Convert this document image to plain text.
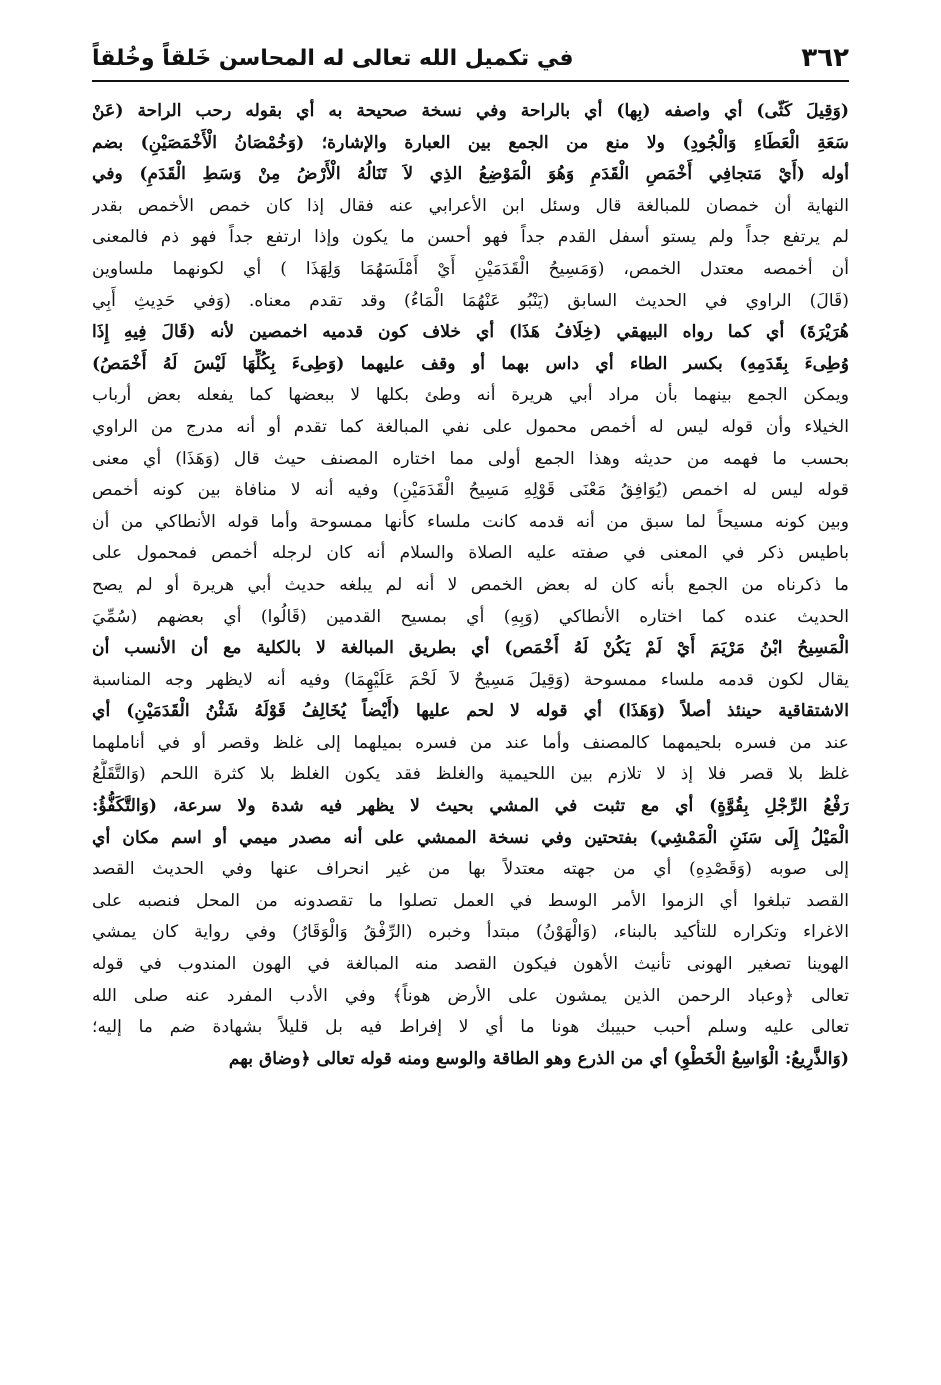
٣٦٢
في تكميل الله تعالى له المحاسن خَلقاً وخُلقاً
(وَقِيلَ كَثّى) أي واصفه (بِها) أي بالراحة وفي نسخة صحيحة به أي بقوله رحب الراحة (عَنْ
سَعَةِ الْعَطَاءِ وَالْجُودِ) ولا منع من الجمع بين العبارة والإشارة؛ (وَخُمْصَانُ الْأَخْمَصَيْنِ) بضم
أوله (أَيْ مَتجافِي أَخْمَصِ الْقَدَمِ وَهُوَ الْمَوْضِعُ الذِي لاَ تَنَالُهُ الْأَرْضُ مِنْ وَسَطِ الْقَدَمِ) وفي
النهاية أن خمصان للمبالغة قال وسئل ابن الأعرابي عنه فقال إذا كان خمص الأخمص بقدر
لم يرتفع جداً ولم يستو أسفل القدم جداً فهو أحسن ما يكون وإذا ارتفع جداً فهو ذم فالمعنى
أن أخمصه معتدل الخمص، (وَمَسِيحُ الْقَدَمَيْنِ أَيْ أَمْلَسَهُمَا وَلِهَذَا ) أي لكونهما ملساوين
(قَالَ) الراوي في الحديث السابق (يَنْبُو عَنْهُمَا الْمَاءُ) وقد تقدم معناه. (وَفي حَدِيثِ أَبِي
هُرَيْرَةَ) أي كما رواه البيهقي (خِلَافُ هَذَا) أي خلاف كون قدميه اخمصين لأنه (قَالَ فِيهِ إِذَا
وُطِىءَ بِقَدَمِهِ) بكسر الطاء أي داس بهما أو وقف عليهما (وَطِىءَ بِكُلِّهَا لَيْسَ لَهُ أَخْمَصُ)
ويمكن الجمع بينهما بأن مراد أبي هريرة أنه وطئ بكلها لا ببعضها كما يفعله بعض أرباب
الخيلاء وأن قوله ليس له أخمص محمول على نفي المبالغة كما تقدم أو أنه مدرج من الراوي
بحسب ما فهمه من حديثه وهذا الجمع أولى مما اختاره المصنف حيث قال (وَهَذَا) أي معنى
قوله ليس له اخمص (يُوَافِقُ مَعْنَى قَوْلِهِ مَسِيحُ الْقَدَمَيْنِ) وفيه أنه لا منافاة بين كونه أخمص
وبين كونه مسيحاً لما سبق من أنه قدمه كانت ملساء كأنها ممسوحة وأما قوله الأنطاكي من أن
باطيس ذكر في المعنى في صفته عليه الصلاة والسلام أنه كان لرجله أخمص فمحمول على
ما ذكرناه من الجمع بأنه كان له بعض الخمص لا أنه لم يبلغه حديث أبي هريرة أو لم يصح
الحديث عنده كما اختاره الأنطاكي (وَبِهِ) أي بمسيح القدمين (قَالُوا) أي بعضهم (سُمِّيَ
الْمَسِيحُ ابْنُ مَرْيَمَ أَيْ لَمْ يَكُنْ لَهُ أَخْمَص) أي بطريق المبالغة لا بالكلية مع أن الأنسب أن
يقال لكون قدمه ملساء ممسوحة (وَقِيلَ مَسِيحٌ لاَ لَحْمَ عَلَيْهِمَا) وفيه أنه لايظهر وجه المناسبة
الاشتقاقية حينئذ أصلاً (وَهَذَا) أي قوله لا لحم عليها (أَيْضاً يُخَالِفُ قَوْلَهُ شَثْنُ الْقَدَمَيْنِ) أي
عند من فسره بلحيمهما كالمصنف وأما عند من فسره بميلهما إلى غلظ وقصر أو في أناملهما
غلظ بلا قصر فلا إذ لا تلازم بين اللحيمية والغلظ فقد يكون الغلظ بلا كثرة اللحم (وَالتَّقَلُّعُ
رَفْعُ الرِّجْلِ بِقُوَّةٍ) أي مع تثبت في المشي بحيث لا يظهر فيه شدة ولا سرعة، (وَالتَّكَفُّؤُ:
الْمَيْلُ إِلَى سَنَنِ الْمَمْشِي) بفتحتين وفي نسخة الممشي على أنه مصدر ميمي أو اسم مكان أي
إلى صوبه (وَقَصْدِهِ) أي من جهته معتدلاً بها من غير انحراف عنها وفي الحديث القصد
القصد تبلغوا أي الزموا الأمر الوسط في العمل تصلوا ما تقصدونه من المحل فنصبه على
الاغراء وتكراره للتأكيد بالبناء، (وَالْهَوْنُ) مبتدأ وخبره (الرِّفْقُ وَالْوَقَارُ) وفي رواية كان يمشي
الهوينا تصغير الهونى تأنيث الأهون فيكون القصد منه المبالغة في الهون المندوب في قوله
تعالى ﴿وعباد الرحمن الذين يمشون على الأرض هوناً﴾ وفي الأدب المفرد عنه صلى الله
تعالى عليه وسلم أحبب حبيبك هونا ما أي لا إفراط فيه بل قليلاً بشهادة ضم ما إليه؛
(وَالذَّرِيعُ: الْوَاسِعُ الْخَطْوِ) أي من الذرع وهو الطاقة والوسع ومنه قوله تعالى ﴿وضاق بهم
